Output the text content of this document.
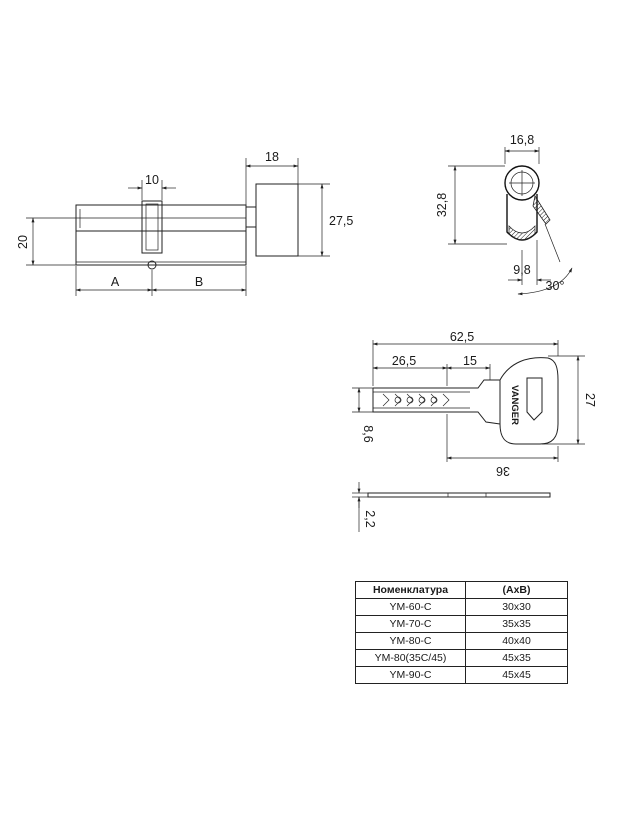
10
18
27,5
20
A	B
16,8
32,8
9,8
30°
VANGER
62,5
26,5	15
27
36
8,6
2,2
Номенклатура	(AxB)
YM-60-C	30x30
YM-70-C	35x35
YM-80-C	40x40
YM-80(35C/45)	45x35
YM-90-C	45x45
